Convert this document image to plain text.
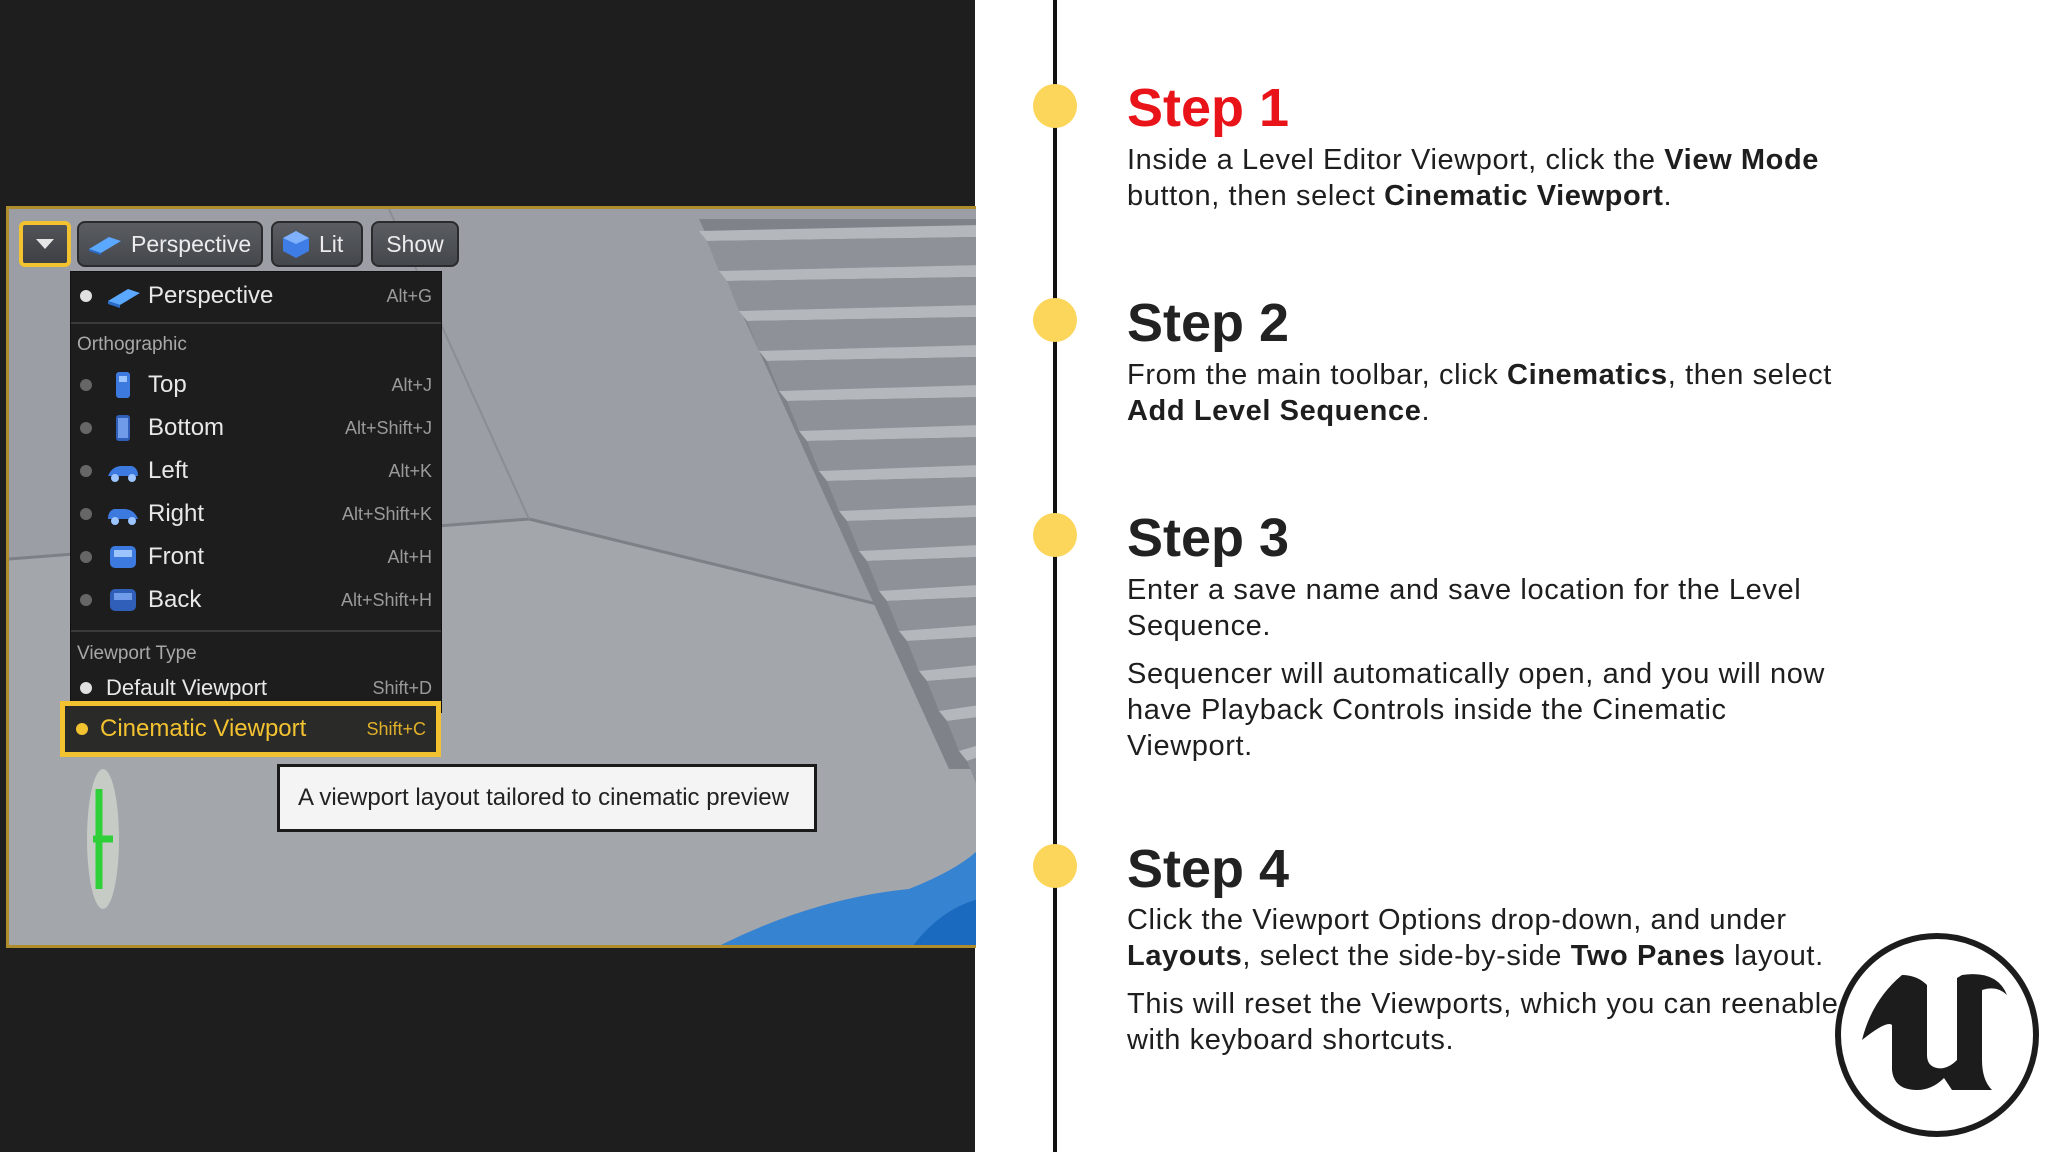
Perspective	Lit Show
Perspective	Alt+G
Orthographic
Top	Alt+J
Bottom	Alt+Shift+J
Left	Alt+K
Right	Alt+Shift+K
Front	Alt+H
Back	Alt+Shift+H
Viewport Type
Default Viewport	Shift+D
Cinematic Viewport	Shift+C
A viewport layout tailored to cinematic preview
Step 1
Inside a Level Editor Viewport, click the View Mode button, then select Cinematic Viewport.
Step 2
From the main toolbar, click Cinematics, then select Add Level Sequence.
Step 3
Enter a save name and save location for the Level Sequence.
Sequencer will automatically open, and you will now have Playback Controls inside the Cinematic Viewport.
Step 4
Click the Viewport Options drop-down, and under Layouts, select the side-by-side Two Panes layout.
This will reset the Viewports, which you can reenable with keyboard shortcuts.
